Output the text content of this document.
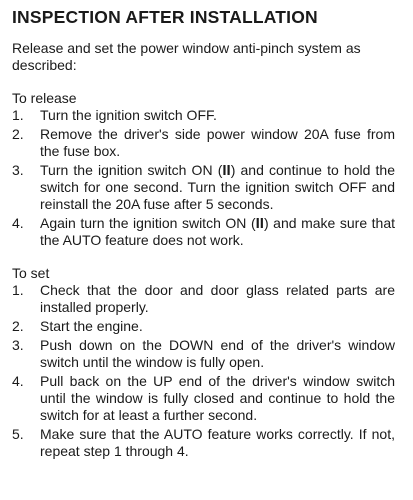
INSPECTION AFTER INSTALLATION

Release and set the power window anti-pinch system as described:

To release

1.	Turn the ignition switch OFF.
2.	Remove the driver's side power window 20A fuse from the fuse box.
3.	Turn the ignition switch ON (II) and continue to hold the switch for one second. Turn the ignition switch OFF and reinstall the 20A fuse after 5 seconds.
4.	Again turn the ignition switch ON (II) and make sure that the AUTO feature does not work.

To set

1.	Check that the door and door glass related parts are installed properly.
2.	Start the engine.
3.	Push down on the DOWN end of the driver's window switch until the window is fully open.
4.	Pull back on the UP end of the driver's window switch until the window is fully closed and continue to hold the switch for at least a further second.
5.	Make sure that the AUTO feature works correctly. If not, repeat step 1 through 4.
